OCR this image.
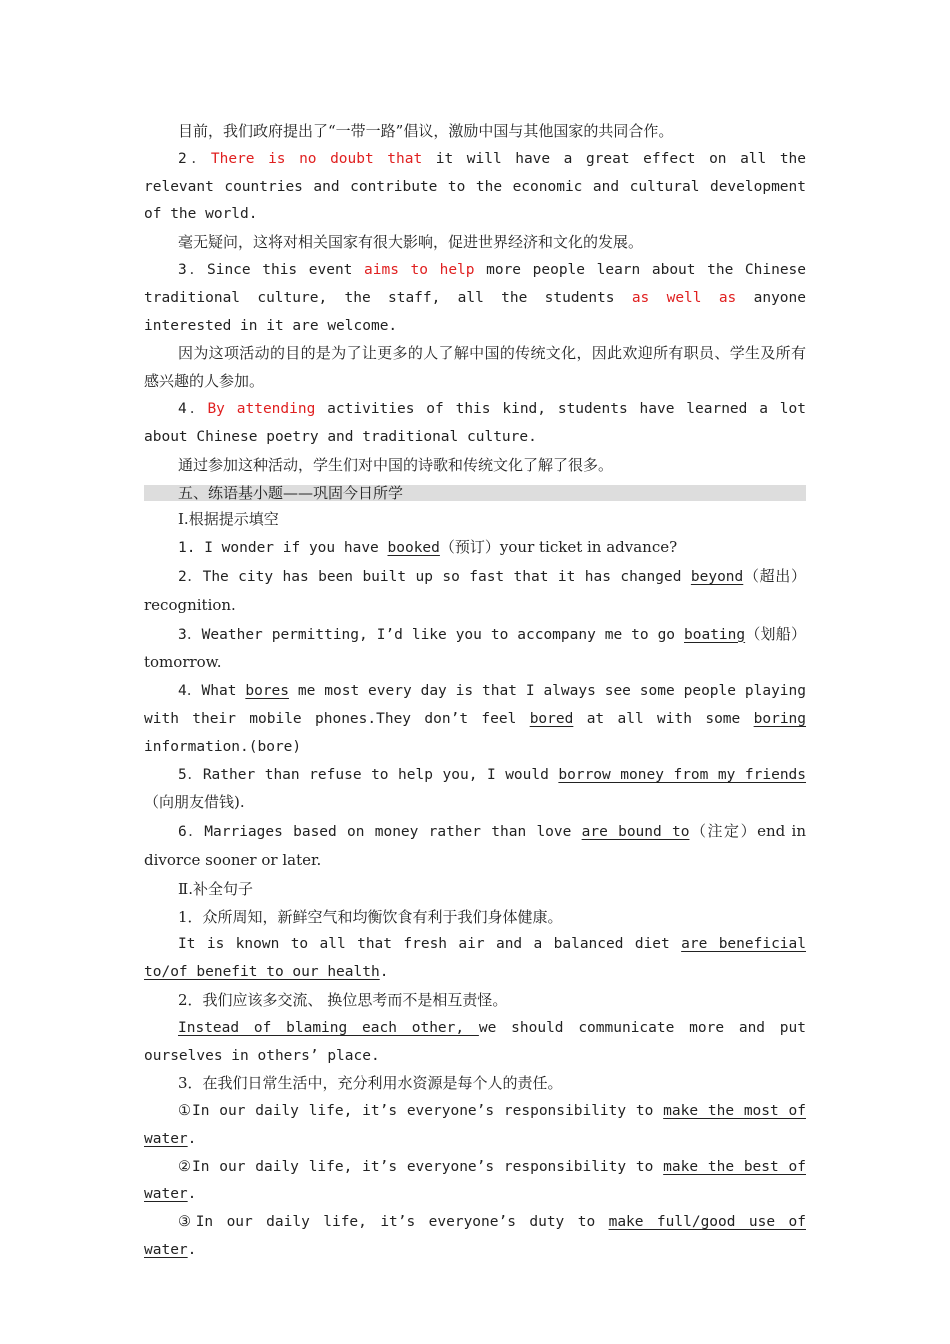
目前，我们政府提出了“一带一路”倡议，激励中国与其他国家的共同合作。
2．There is no doubt that it will have a great effect on all the relevant countries and contribute to the economic and cultural development of the world.
毫无疑问，这将对相关国家有很大影响，促进世界经济和文化的发展。
3．Since this event aims to help more people learn about the Chinese traditional culture, the staff, all the students as well as anyone interested in it are welcome.
因为这项活动的目的是为了让更多的人了解中国的传统文化，因此欢迎所有职员、学生及所有感兴趣的人参加。
4．By attending activities of this kind, students have learned a lot about Chinese poetry and traditional culture.
通过参加这种活动，学生们对中国的诗歌和传统文化了解了很多。
五、练语基小题——巩固今日所学
Ⅰ.根据提示填空
1. I wonder if you have booked（预订）your ticket in advance?
2．The city has been built up so fast that it has changed beyond（超出）recognition.
3．Weather permitting, I’d like you to accompany me to go boating（划船）tomorrow.
4．What bores me most every day is that I always see some people playing with their mobile phones.They don’t feel bored at all with some boring information.(bore)
5．Rather than refuse to help you, I would borrow money from my friends（向朋友借钱).
6．Marriages based on money rather than love are bound to（注定）end in divorce sooner or later.
Ⅱ.补全句子
1．众所周知，新鲜空气和均衡饮食有利于我们身体健康。
It is known to all that fresh air and a balanced diet are beneficial to/of benefit to our health.
2．我们应该多交流、 换位思考而不是相互责怪。
Instead of blaming each other, we should communicate more and put ourselves in others’ place.
3．在我们日常生活中，充分利用水资源是每个人的责任。
①In our daily life, it’s everyone’s responsibility to make the most of water.
②In our daily life, it’s everyone’s responsibility to make the best of water.
③In our daily life, it’s everyone’s duty to make full/good use of water.
